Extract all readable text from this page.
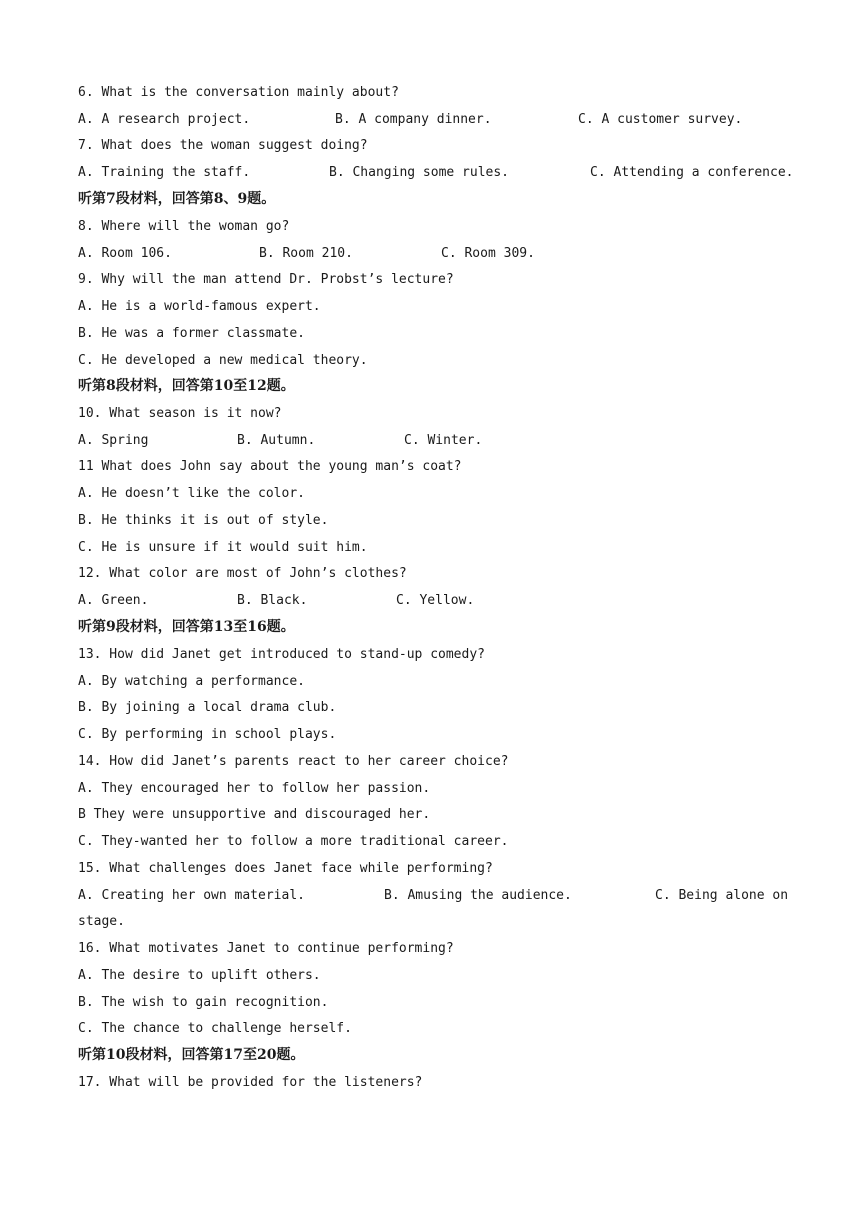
6. What is the conversation mainly about?
A. A research project.	B. A company dinner.	C. A customer survey.
7. What does the woman suggest doing?
A. Training the staff.	B. Changing some rules.	C. Attending a conference.
听第7段材料，回答第8、9题。
8. Where will the woman go?
A. Room 106.	B. Room 210.	C. Room 309.
9. Why will the man attend Dr. Probst’s lecture?
A. He is a world-famous expert.
B. He was a former classmate.
C. He developed a new medical theory.
听第8段材料，回答第10至12题。
10. What season is it now?
A. Spring	B. Autumn.	C. Winter.
11 What does John say about the young man’s coat?
A. He doesn’t like the color.
B. He thinks it is out of style.
C. He is unsure if it would suit him.
12. What color are most of John’s clothes?
A. Green.	B. Black.	C. Yellow.
听第9段材料，回答第13至16题。
13. How did Janet get introduced to stand-up comedy?
A. By watching a performance.
B. By joining a local drama club.
C. By performing in school plays.
14. How did Janet’s parents react to her career choice?
A. They encouraged her to follow her passion.
B They were unsupportive and discouraged her.
C. They-wanted her to follow a more traditional career.
15. What challenges does Janet face while performing?
A. Creating her own material.	B. Amusing the audience.	C. Being alone on
stage.
16. What motivates Janet to continue performing?
A. The desire to uplift others.
B. The wish to gain recognition.
C. The chance to challenge herself.
听第10段材料，回答第17至20题。
17. What will be provided for the listeners?
